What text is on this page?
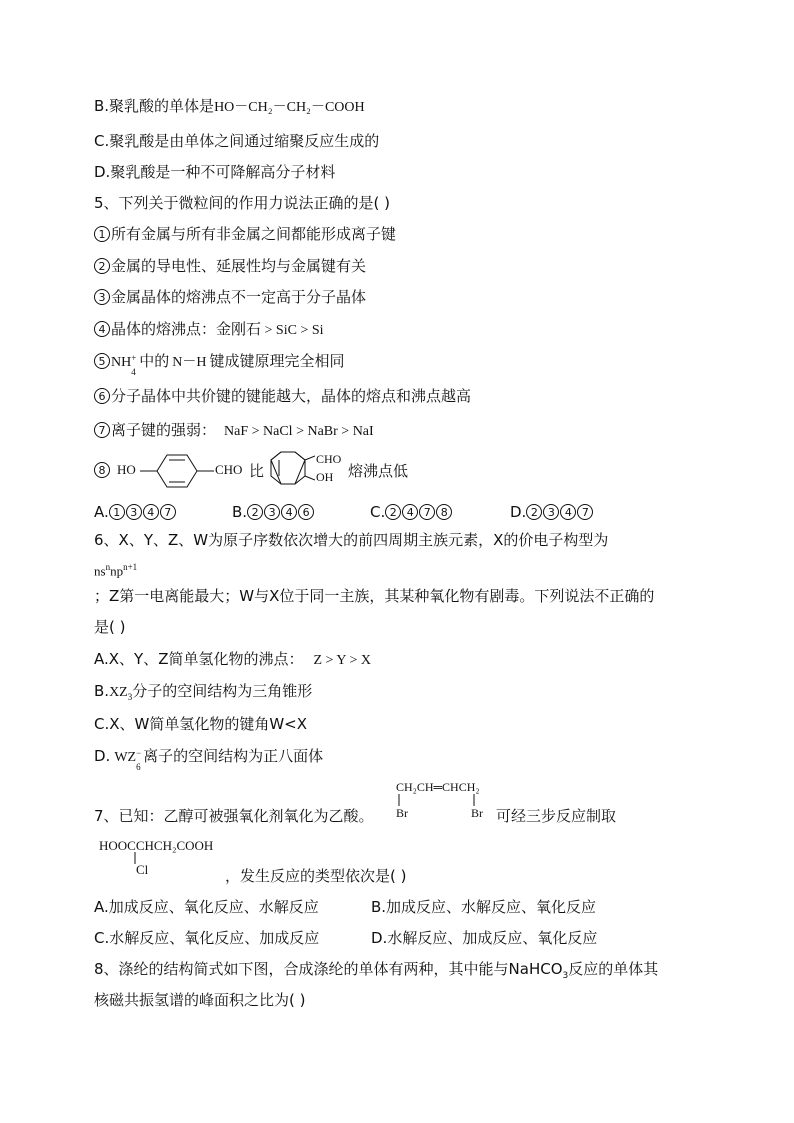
B.聚乳酸的单体是HO－CH₂－CH₂－COOH
C.聚乳酸是由单体之间通过缩聚反应生成的
D.聚乳酸是一种不可降解高分子材料
5、下列关于微粒间的作用力说法正确的是( )
1 所有金属与所有非金属之间都能形成离子键
2 金属的导电性、延展性均与金属键有关
3 金属晶体的熔沸点不一定高于分子晶体
4 晶体的熔沸点：金刚石 > SiC > Si
5 NH +
4
中的 N－H 键成键原理完全相同
6 分子晶体中共价键的键能越大，晶体的熔点和沸点越高
7 离子键的强弱： NaF > NaCl > NaBr > NaI
8 HO	CHO 比
CHO
OH 熔沸点低
A. 1 3 4 7	B. 2 3 4 6	C. 2 4 7 8	D. 2 3 4 7
6、X、Y、Z、W为原子序数依次增大的前四周期主族元素，X的价电子构型为
$ns^nnp^{n+1}$
；Z第一电离能最大；W与X位于同一主族，其某种氧化物有剧毒。下列说法不正确的
是( )
A.X、Y、Z简单氢化物的沸点： Z > Y > X
$B.XZ_3$分子的空间结构为三角锥形
C.X、W简单氢化物的键角W<X
D. WZ −
6
离子的空间结构为正八面体
7、已知：乙醇可被强氧化剂氧化为乙酸。
CH₂CH═CHCH₂
Br	Br 可经三步反应制取
HOOCCHCH₂COOH
Cl	，发生反应的类型依次是( )
A.加成反应、氧化反应、水解反应	B.加成反应、水解反应、氧化反应
C.水解反应、氧化反应、加成反应	D.水解反应、加成反应、氧化反应
8、涤纶的结构简式如下图，合成涤纶的单体有两种，其中能与NaHCO$_3$反应的单体其
核磁共振氢谱的峰面积之比为( )
